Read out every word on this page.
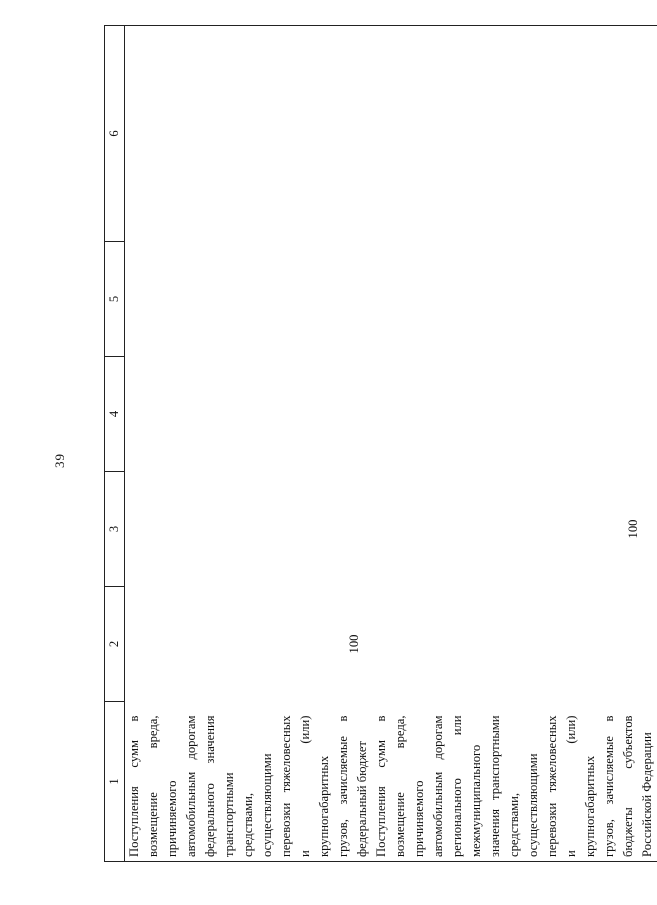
39
1	2	3	4	5	6
Поступления сумм в возмещение вреда, причиняемого автомобильным дорогам федерального значения транспортными средствами, осуществляющими перевозки тяжеловесных и (или) крупногабаритных грузов, зачисляемые в федеральный бюджет	100				
Поступления сумм в возмещение вреда, причиняемого автомобильным дорогам регионального или межмуниципального значения транспортными средствами, осуществляющими перевозки тяжеловесных и (или) крупногабаритных грузов, зачисляемые в бюджеты субъектов Российской Федерации		100			
